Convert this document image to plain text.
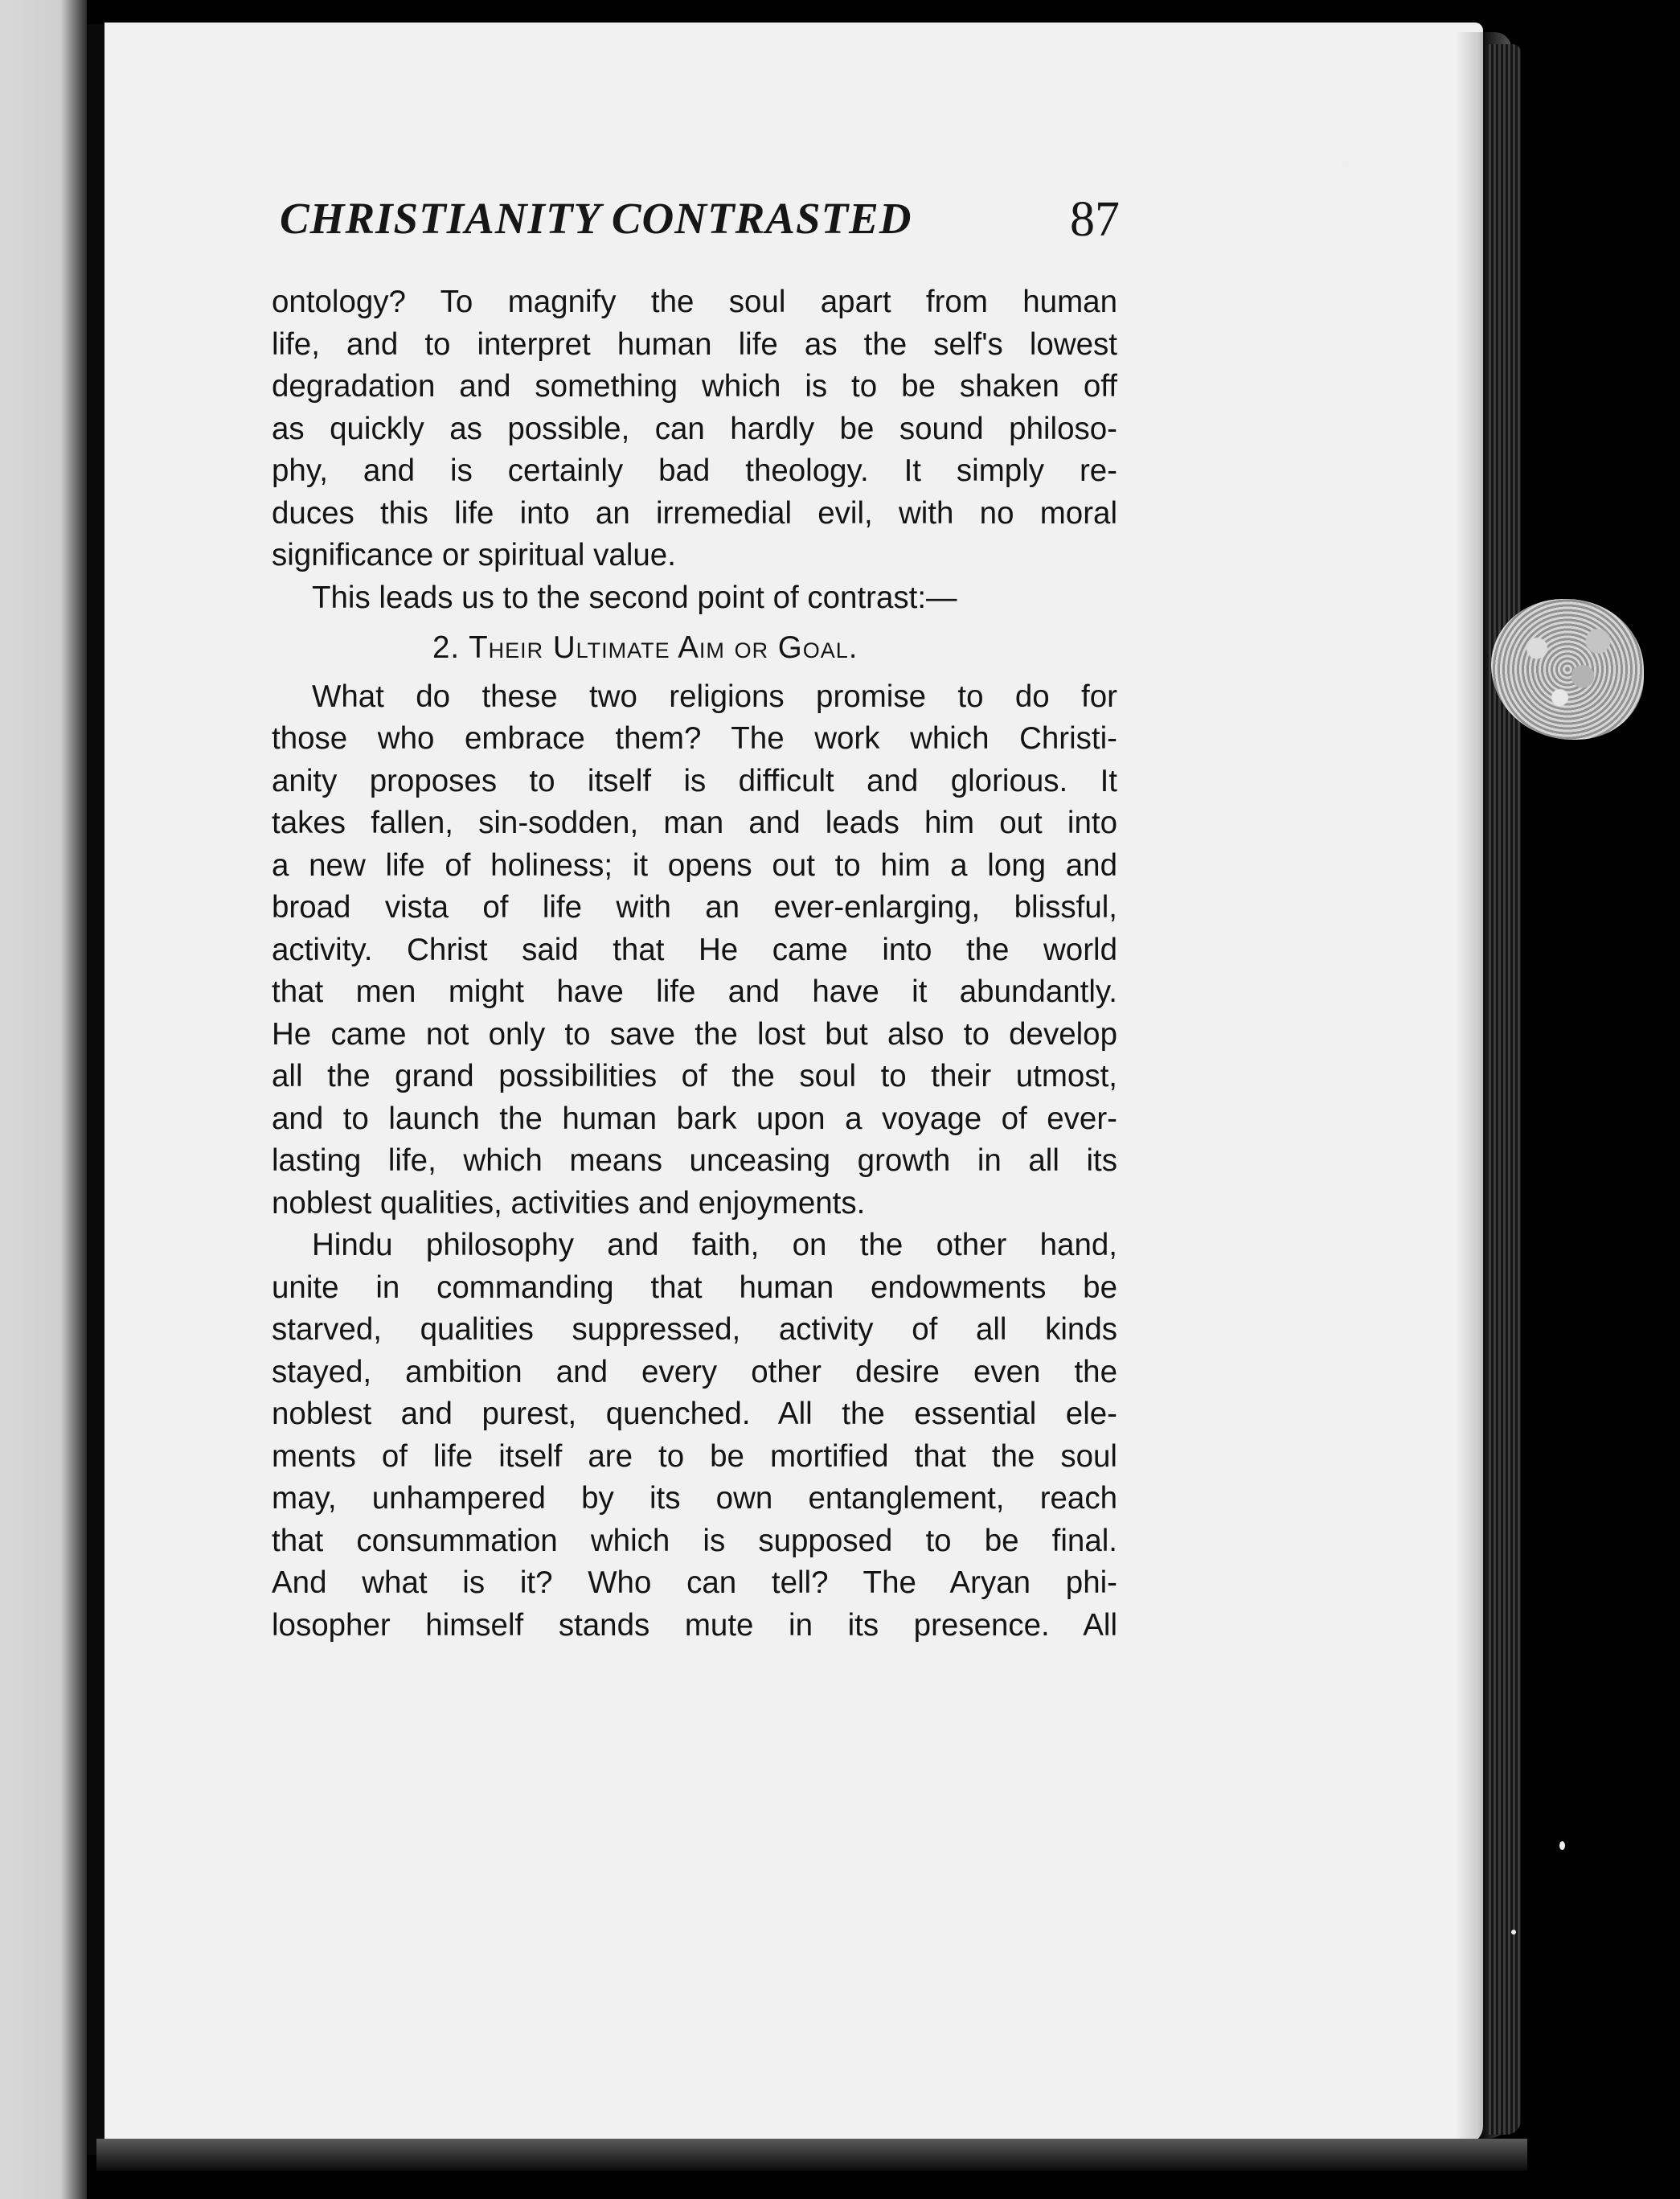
CHRISTIANITY CONTRASTED	87
ontology? To magnify the soul apart from human
life, and to interpret human life as the self's lowest
degradation and something which is to be shaken off
as quickly as possible, can hardly be sound philoso-
phy, and is certainly bad theology. It simply re-
duces this life into an irremedial evil, with no moral
significance or spiritual value.
This leads us to the second point of contrast:—
2. Their Ultimate Aim or Goal.
What do these two religions promise to do for
those who embrace them? The work which Christi-
anity proposes to itself is difficult and glorious. It
takes fallen, sin-sodden, man and leads him out into
a new life of holiness; it opens out to him a long and
broad vista of life with an ever-enlarging, blissful,
activity. Christ said that He came into the world
that men might have life and have it abundantly.
He came not only to save the lost but also to develop
all the grand possibilities of the soul to their utmost,
and to launch the human bark upon a voyage of ever-
lasting life, which means unceasing growth in all its
noblest qualities, activities and enjoyments.
Hindu philosophy and faith, on the other hand,
unite in commanding that human endowments be
starved, qualities suppressed, activity of all kinds
stayed, ambition and every other desire even the
noblest and purest, quenched. All the essential ele-
ments of life itself are to be mortified that the soul
may, unhampered by its own entanglement, reach
that consummation which is supposed to be final.
And what is it? Who can tell? The Aryan phi-
losopher himself stands mute in its presence. All
